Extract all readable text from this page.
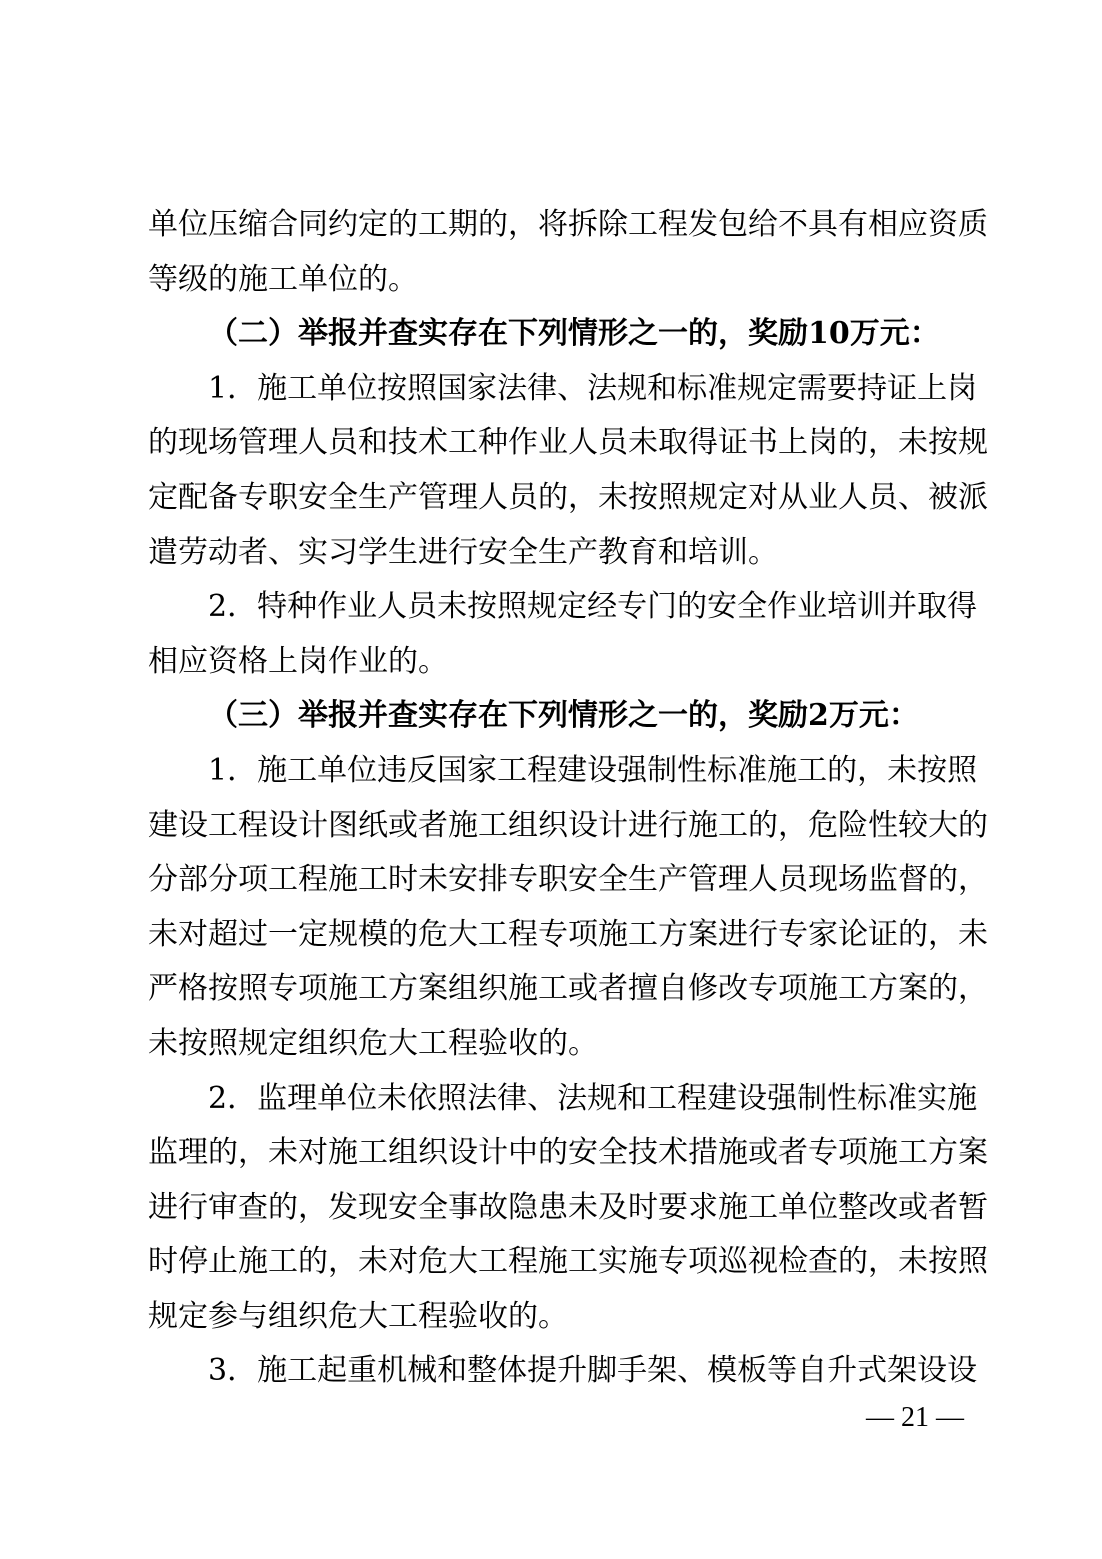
单位压缩合同约定的工期的，将拆除工程发包给不具有相应资质
等级的施工单位的。
（二）举报并查实存在下列情形之一的，奖励10万元：
1．施工单位按照国家法律、法规和标准规定需要持证上岗
的现场管理人员和技术工种作业人员未取得证书上岗的，未按规
定配备专职安全生产管理人员的，未按照规定对从业人员、被派
遣劳动者、实习学生进行安全生产教育和培训。
2．特种作业人员未按照规定经专门的安全作业培训并取得
相应资格上岗作业的。
（三）举报并查实存在下列情形之一的，奖励2万元：
1．施工单位违反国家工程建设强制性标准施工的，未按照
建设工程设计图纸或者施工组织设计进行施工的，危险性较大的
分部分项工程施工时未安排专职安全生产管理人员现场监督的，
未对超过一定规模的危大工程专项施工方案进行专家论证的，未
严格按照专项施工方案组织施工或者擅自修改专项施工方案的，
未按照规定组织危大工程验收的。
2．监理单位未依照法律、法规和工程建设强制性标准实施
监理的，未对施工组织设计中的安全技术措施或者专项施工方案
进行审查的，发现安全事故隐患未及时要求施工单位整改或者暂
时停止施工的，未对危大工程施工实施专项巡视检查的，未按照
规定参与组织危大工程验收的。
3．施工起重机械和整体提升脚手架、模板等自升式架设设
— 21 —
